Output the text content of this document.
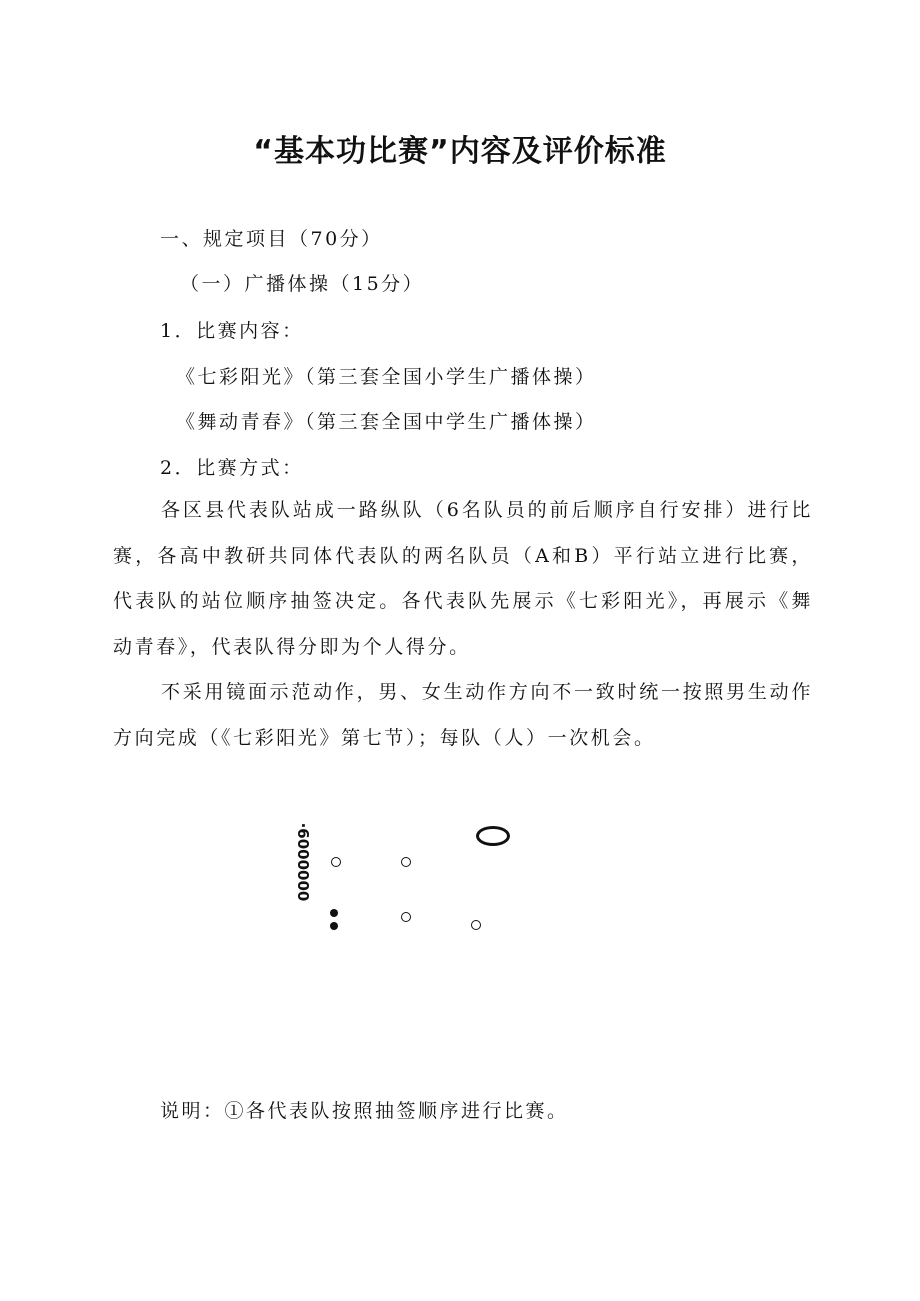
“基本功比赛”内容及评价标准

一、规定项目（70分）

（一）广播体操（15分）

1．比赛内容：

《七彩阳光》（第三套全国小学生广播体操）

《舞动青春》（第三套全国中学生广播体操）

2．比赛方式：

各区县代表队站成一路纵队（6名队员的前后顺序自行安排）进行比赛，各高中教研共同体代表队的两名队员（A和B）平行站立进行比赛，代表队的站位顺序抽签决定。各代表队先展示《七彩阳光》，再展示《舞动青春》，代表队得分即为个人得分。

不采用镜面示范动作，男、女生动作方向不一致时统一按照男生动作方向完成（《七彩阳光》第七节）；每队（人）一次机会。

·6000000

说明：①各代表队按照抽签顺序进行比赛。
